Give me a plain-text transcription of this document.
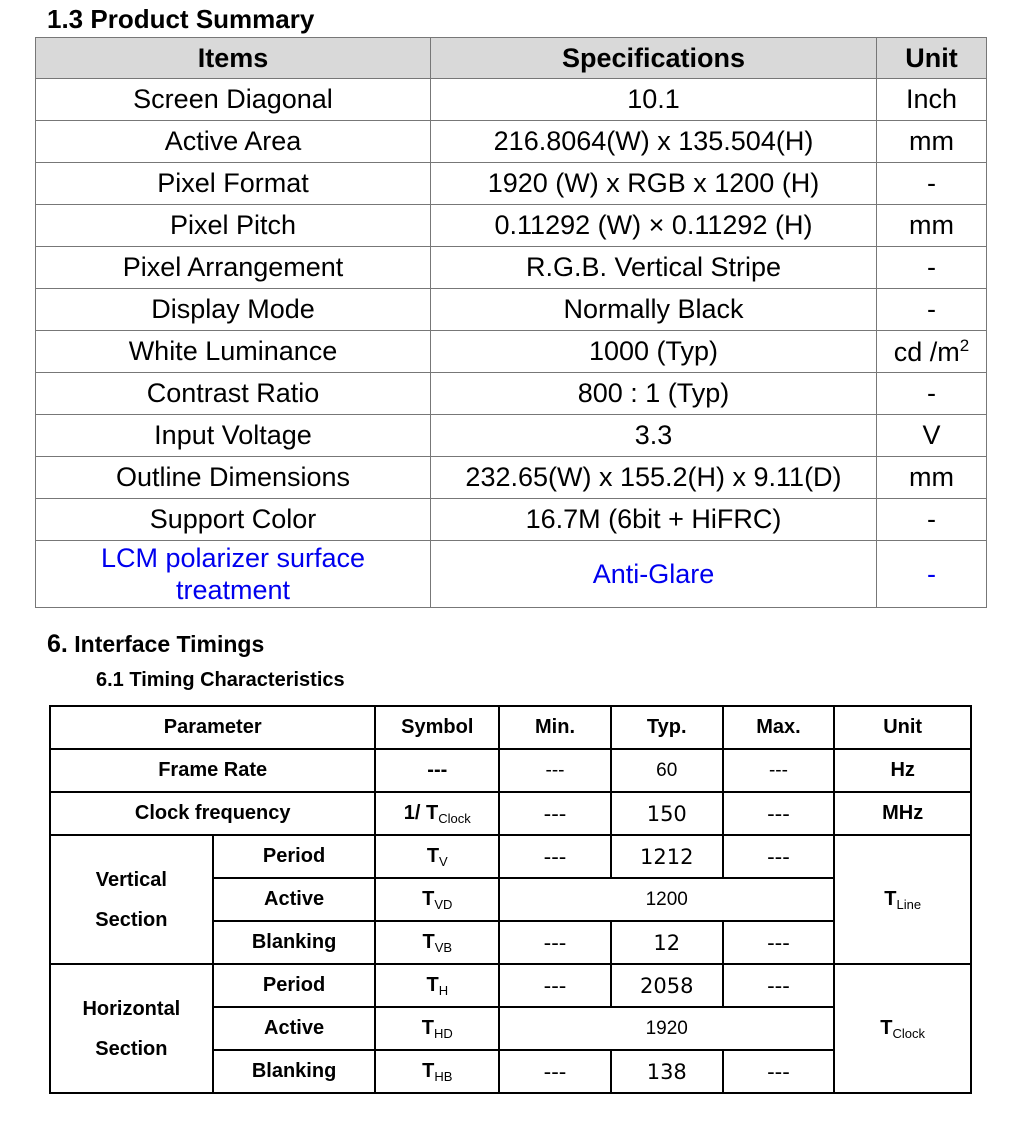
1.3 Product Summary
Items	Specifications	Unit
Screen Diagonal	10.1	Inch
Active Area	216.8064(W) x 135.504(H)	mm
Pixel Format	1920 (W) x RGB x 1200 (H)	-
Pixel Pitch	0.11292 (W) × 0.11292 (H)	mm
Pixel Arrangement	R.G.B. Vertical Stripe	-
Display Mode	Normally Black	-
White Luminance	1000 (Typ)	cd $/m^2$
Contrast Ratio	800 : 1 (Typ)	-
Input Voltage	3.3	V
Outline Dimensions	232.65(W) x 155.2(H) x 9.11(D)	mm
Support Color	16.7M (6bit + HiFRC)	-
LCM polarizer surface
treatment	Anti-Glare	-
6. Interface Timings
6.1 Timing Characteristics
Parameter		Symbol	Min.	Typ.	Max.	Unit
Frame Rate		---	---	60	---	Hz
Clock frequency		1/ $T_{Clock}$	---	150	---	MHz
Vertical
Section	Period	$T_V$	---	1212	---	$T_{Line}$
	Active	$T_{VD}$	1200			
	Blanking	$T_{VB}$	---	12	---	
Horizontal
Section	Period	$T_H$	---	2058	---	$T_{Clock}$
	Active	$T_{HD}$	1920			
	Blanking	$T_{HB}$	---	138	---	
